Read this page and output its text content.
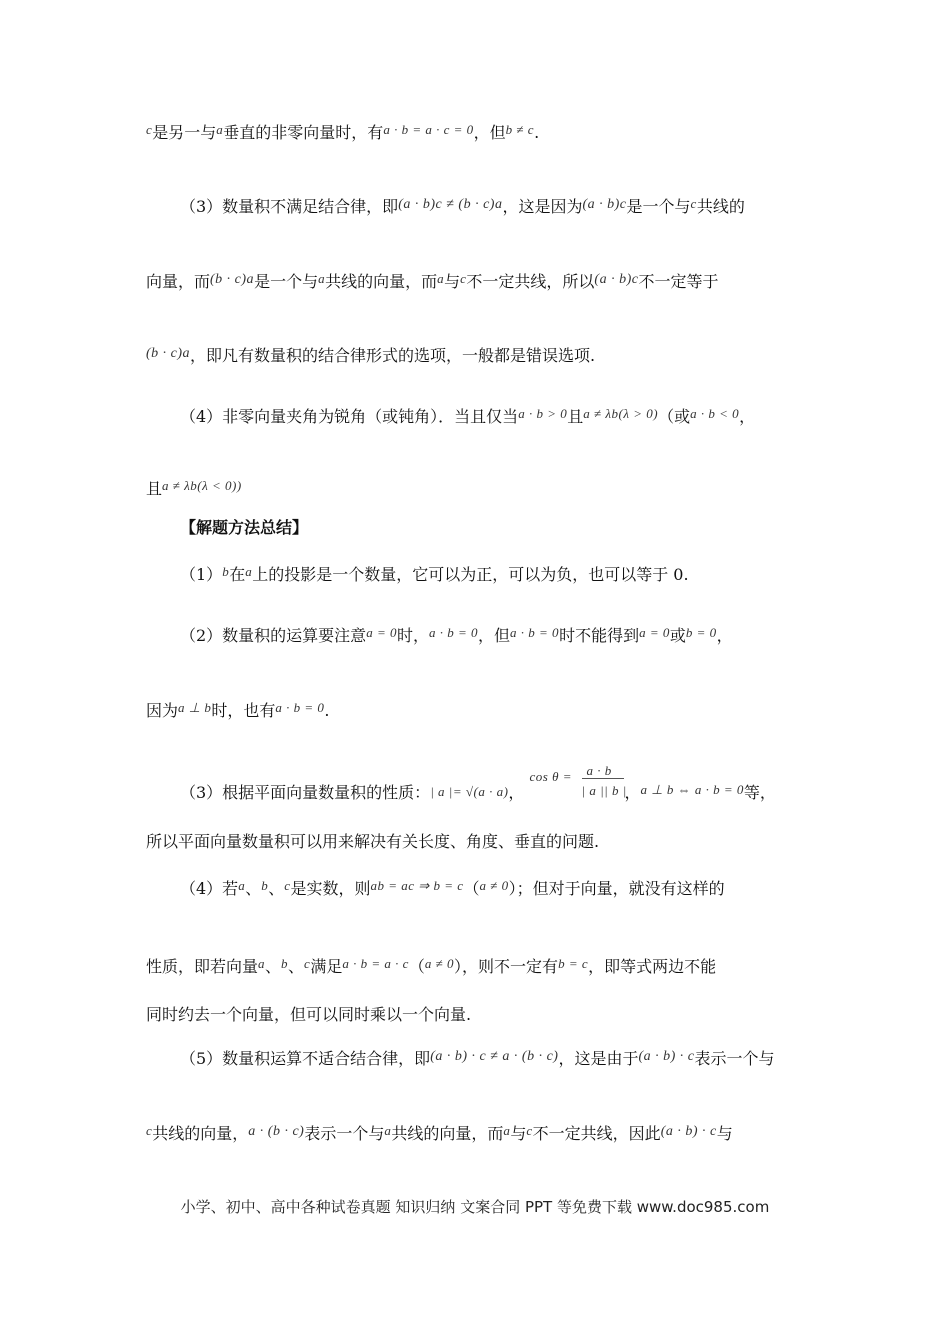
$^c$是另一与$^a$垂直的非零向量时，有$^{a \cdot b = a \cdot c = 0}$，但$^{b \ne c}$.
（3）数量积不满足结合律，即(a · b)c ≠ (b · c)a，这是因为(a · b)c是一个与$^c$共线的
向量，而(b · c)a是一个与$^a$共线的向量，而$^a$与$^c$不一定共线，所以(a · b)c不一定等于
(b · c)a，即凡有数量积的结合律形式的选项，一般都是错误选项.
（4）非零向量夹角为锐角（或钝角）．当且仅当$^{a \cdot b > 0}$且$^{a \ne \lambda b(\lambda > 0)}$（或$^{a \cdot b < 0}$，
且$^{a \ne \lambda b(\lambda < 0))}$
【解题方法总结】
$(1)^b$在$^a$上的投影是一个数量，它可以为正，可以为负，也可以等于 0.
（2）数量积的运算要注意$^{a = 0}$时，$^{a \cdot b = 0}$，但$^{a \cdot b = 0}$时不能得到$^{a = 0}$或$^{b = 0}$，
因为$^{a \perp b}$时，也有$^{a \cdot b = 0}$.
（3）根据平面向量数量积的性质：| a |= √(a · a)，
cos θ = a · b
| a || b |
，$^{a \perp b \Leftrightarrow a \cdot b = 0}$等，
所以平面向量数量积可以用来解决有关长度、角度、垂直的问题.
（4）若$^a$、$^b$、$^c$是实数，则$^{ab = ac \Rightarrow b = c}$（$^{a \ne 0}$）；但对于向量，就没有这样的
性质，即若向量$^a$、$^b$、$^c$满足$^{a \cdot b = a \cdot c}$（$^{a \ne 0}$），则不一定有$^{b = c}$，即等式两边不能
同时约去一个向量，但可以同时乘以一个向量.
（5）数量积运算不适合结合律，即(a · b) · c ≠ a · (b · c)，这是由于(a · b) · c表示一个与
$^c$共线的向量，a · (b · c)表示一个与$^a$共线的向量，而$^a$与$^c$不一定共线，因此(a · b) · c与
小学、初中、高中各种试卷真题 知识归纳 文案合同 PPT 等免费下载 www.doc985.com
